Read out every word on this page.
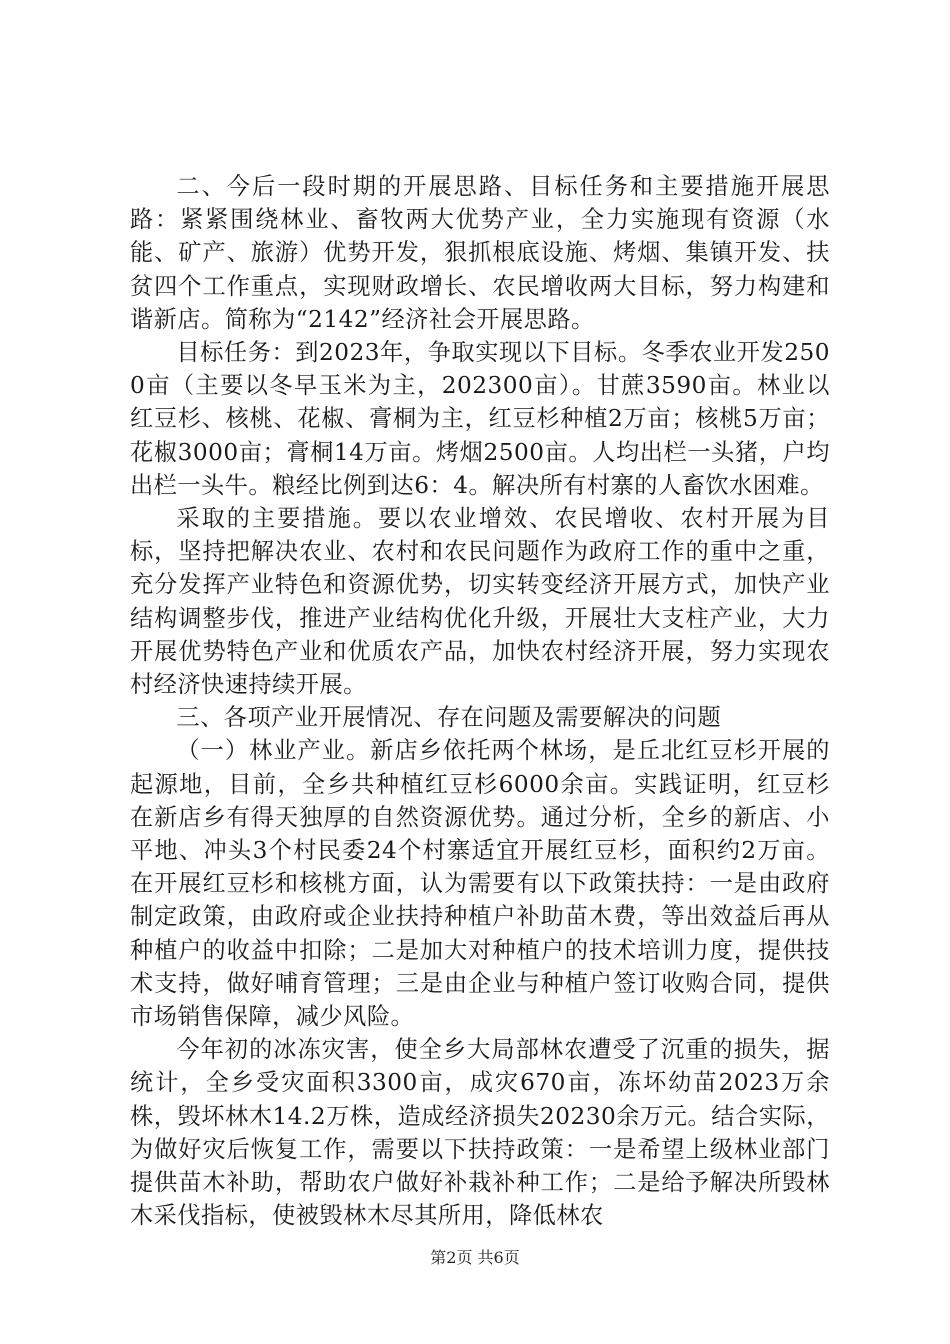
二、今后一段时期的开展思路、目标任务和主要措施开展思路：紧紧围绕林业、畜牧两大优势产业，全力实施现有资源（水能、矿产、旅游）优势开发，狠抓根底设施、烤烟、集镇开发、扶贫四个工作重点，实现财政增长、农民增收两大目标，努力构建和谐新店。简称为“2142”经济社会开展思路。

目标任务：到2023年，争取实现以下目标。冬季农业开发2500亩（主要以冬早玉米为主，202300亩）。甘蔗3590亩。林业以红豆杉、核桃、花椒、膏桐为主，红豆杉种植2万亩；核桃5万亩；花椒3000亩；膏桐14万亩。烤烟2500亩。人均出栏一头猪，户均出栏一头牛。粮经比例到达6：4。解决所有村寨的人畜饮水困难。

采取的主要措施。要以农业增效、农民增收、农村开展为目标，坚持把解决农业、农村和农民问题作为政府工作的重中之重，充分发挥产业特色和资源优势，切实转变经济开展方式，加快产业结构调整步伐，推进产业结构优化升级，开展壮大支柱产业，大力开展优势特色产业和优质农产品，加快农村经济开展，努力实现农村经济快速持续开展。

三、各项产业开展情况、存在问题及需要解决的问题

（一）林业产业。新店乡依托两个林场，是丘北红豆杉开展的起源地，目前，全乡共种植红豆杉6000余亩。实践证明，红豆杉在新店乡有得天独厚的自然资源优势。通过分析，全乡的新店、小平地、冲头3个村民委24个村寨适宜开展红豆杉，面积约2万亩。在开展红豆杉和核桃方面，认为需要有以下政策扶持：一是由政府制定政策，由政府或企业扶持种植户补助苗木费，等出效益后再从种植户的收益中扣除；二是加大对种植户的技术培训力度，提供技术支持，做好哺育管理；三是由企业与种植户签订收购合同，提供市场销售保障，减少风险。

今年初的冰冻灾害，使全乡大局部林农遭受了沉重的损失，据统计，全乡受灾面积3300亩，成灾670亩，冻坏幼苗2023万余株，毁坏林木14.2万株，造成经济损失20230余万元。结合实际，为做好灾后恢复工作，需要以下扶持政策：一是希望上级林业部门提供苗木补助，帮助农户做好补栽补种工作；二是给予解决所毁林木采伐指标，使被毁林木尽其所用，降低林农

第2页 共6页
